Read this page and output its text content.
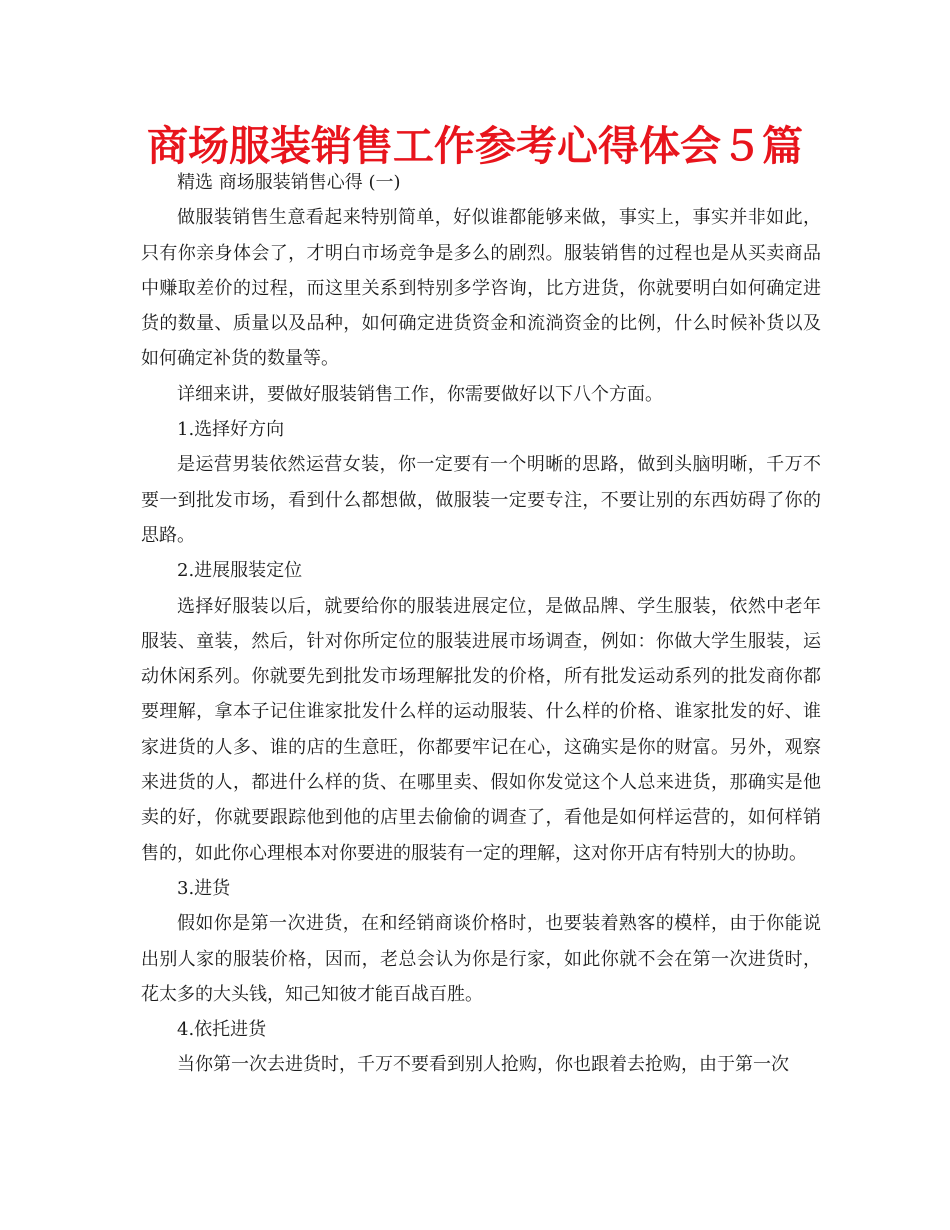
商场服装销售工作参考心得体会５篇

精选 商场服装销售心得 (一)

做服装销售生意看起来特别简单，好似谁都能够来做，事实上，事实并非如此，只有你亲身体会了，才明白市场竞争是多么的剧烈。服装销售的过程也是从买卖商品中赚取差价的过程，而这里关系到特别多学咨询，比方进货，你就要明白如何确定进货的数量、质量以及品种，如何确定进货资金和流淌资金的比例，什么时候补货以及如何确定补货的数量等。

详细来讲，要做好服装销售工作，你需要做好以下八个方面。

1.选择好方向

是运营男装依然运营女装，你一定要有一个明晰的思路，做到头脑明晰，千万不要一到批发市场，看到什么都想做，做服装一定要专注，不要让别的东西妨碍了你的思路。

2.进展服装定位

选择好服装以后，就要给你的服装进展定位，是做品牌、学生服装，依然中老年服装、童装，然后，针对你所定位的服装进展市场调查，例如：你做大学生服装，运动休闲系列。你就要先到批发市场理解批发的价格，所有批发运动系列的批发商你都要理解，拿本子记住谁家批发什么样的运动服装、什么样的价格、谁家批发的好、谁家进货的人多、谁的店的生意旺，你都要牢记在心，这确实是你的财富。另外，观察来进货的人，都进什么样的货、在哪里卖、假如你发觉这个人总来进货，那确实是他卖的好，你就要跟踪他到他的店里去偷偷的调查了，看他是如何样运营的，如何样销售的，如此你心理根本对你要进的服装有一定的理解，这对你开店有特别大的协助。

3.进货

假如你是第一次进货，在和经销商谈价格时，也要装着熟客的模样，由于你能说出别人家的服装价格，因而，老总会认为你是行家，如此你就不会在第一次进货时，花太多的大头钱，知己知彼才能百战百胜。

4.依托进货

当你第一次去进货时，千万不要看到别人抢购，你也跟着去抢购，由于第一次
